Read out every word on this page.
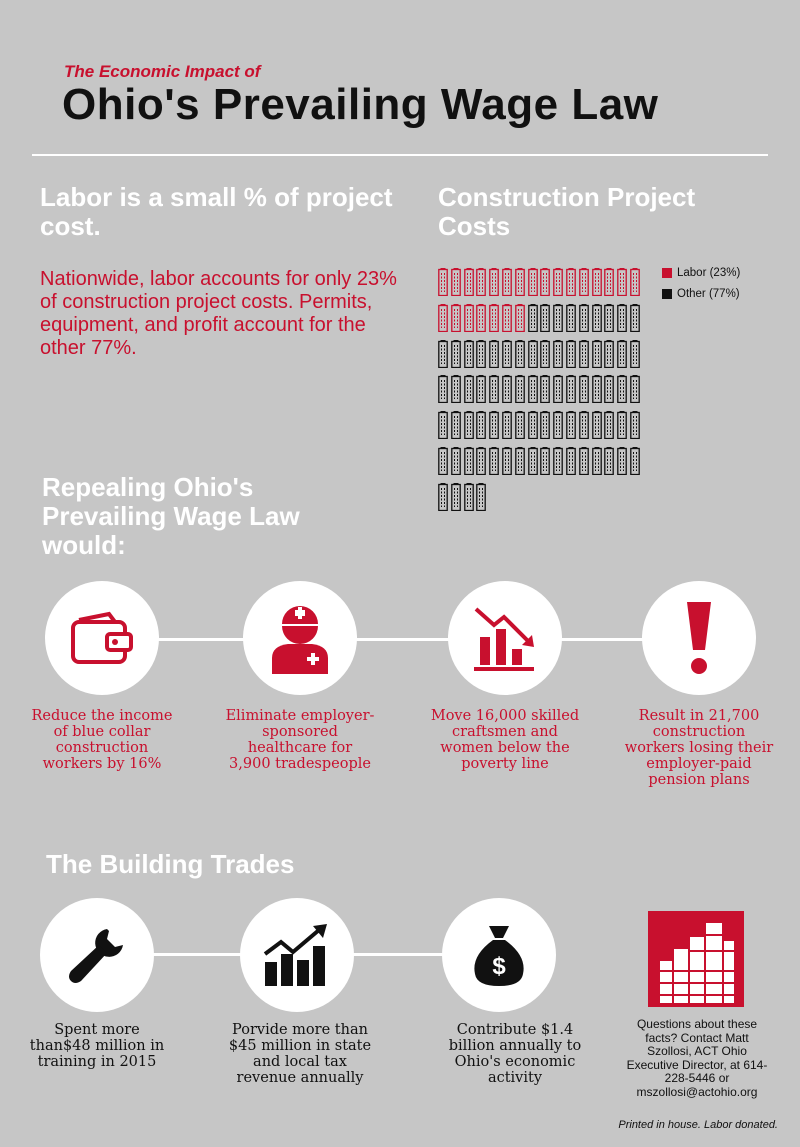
The Economic Impact of
Ohio's Prevailing Wage Law
Labor is a small % of project cost.
Nationwide, labor accounts for only 23% of construction project costs. Permits, equipment, and profit account for the other 77%.
Construction Project Costs
Labor (23%)
Other (77%)
Repealing Ohio's Prevailing Wage Law would:
Reduce the income of blue collar construction workers by 16%
Eliminate employer-sponsored healthcare for 3,900 tradespeople
Move 16,000 skilled craftsmen and women below the poverty line
Result in 21,700 construction workers losing their employer-paid pension plans
The Building Trades
$
Spent more than$48 million in training in 2015
Porvide more than $45 million in state and local tax revenue annually
Contribute $1.4 billion annually to Ohio's economic activity
Questions about these facts? Contact Matt Szollosi, ACT Ohio Executive Director, at 614-228-5446 or mszollosi@actohio.org
Printed in house. Labor donated.
